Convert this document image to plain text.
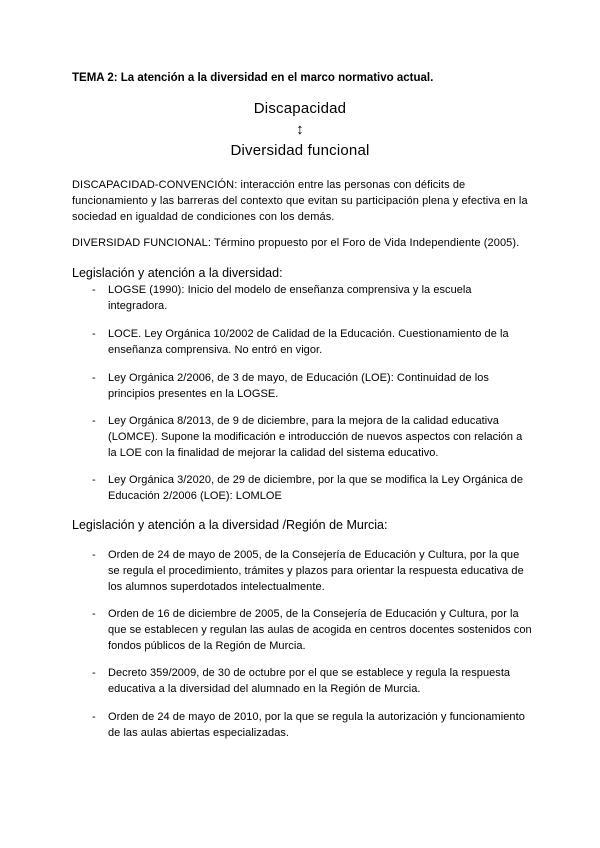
TEMA 2: La atención a la diversidad en el marco normativo actual.
Discapacidad
↕
Diversidad funcional
DISCAPACIDAD-CONVENCIÓN: interacción entre las personas con déficits de funcionamiento y las barreras del contexto que evitan su participación plena y efectiva en la sociedad en igualdad de condiciones con los demás.
DIVERSIDAD FUNCIONAL: Término propuesto por el Foro de Vida Independiente (2005).
Legislación y atención a la diversidad:
- LOGSE (1990): Inicio del modelo de enseñanza comprensiva y la escuela integradora.
- LOCE. Ley Orgánica 10/2002 de Calidad de la Educación. Cuestionamiento de la enseñanza comprensiva. No entró en vigor.
- Ley Orgánica 2/2006, de 3 de mayo, de Educación (LOE): Continuidad de los principios presentes en la LOGSE.
- Ley Orgánica 8/2013, de 9 de diciembre, para la mejora de la calidad educativa (LOMCE). Supone la modificación e introducción de nuevos aspectos con relación a la LOE con la finalidad de mejorar la calidad del sistema educativo.
- Ley Orgánica 3/2020, de 29 de diciembre, por la que se modifica la Ley Orgánica de Educación 2/2006 (LOE): LOMLOE
Legislación y atención a la diversidad /Región de Murcia:
- Orden de 24 de mayo de 2005, de la Consejería de Educación y Cultura, por la que se regula el procedimiento, trámites y plazos para orientar la respuesta educativa de los alumnos superdotados intelectualmente.
- Orden de 16 de diciembre de 2005, de la Consejería de Educación y Cultura, por la que se establecen y regulan las aulas de acogida en centros docentes sostenidos con fondos públicos de la Región de Murcia.
- Decreto 359/2009, de 30 de octubre por el que se establece y regula la respuesta educativa a la diversidad del alumnado en la Región de Murcia.
- Orden de 24 de mayo de 2010, por la que se regula la autorización y funcionamiento de las aulas abiertas especializadas.
